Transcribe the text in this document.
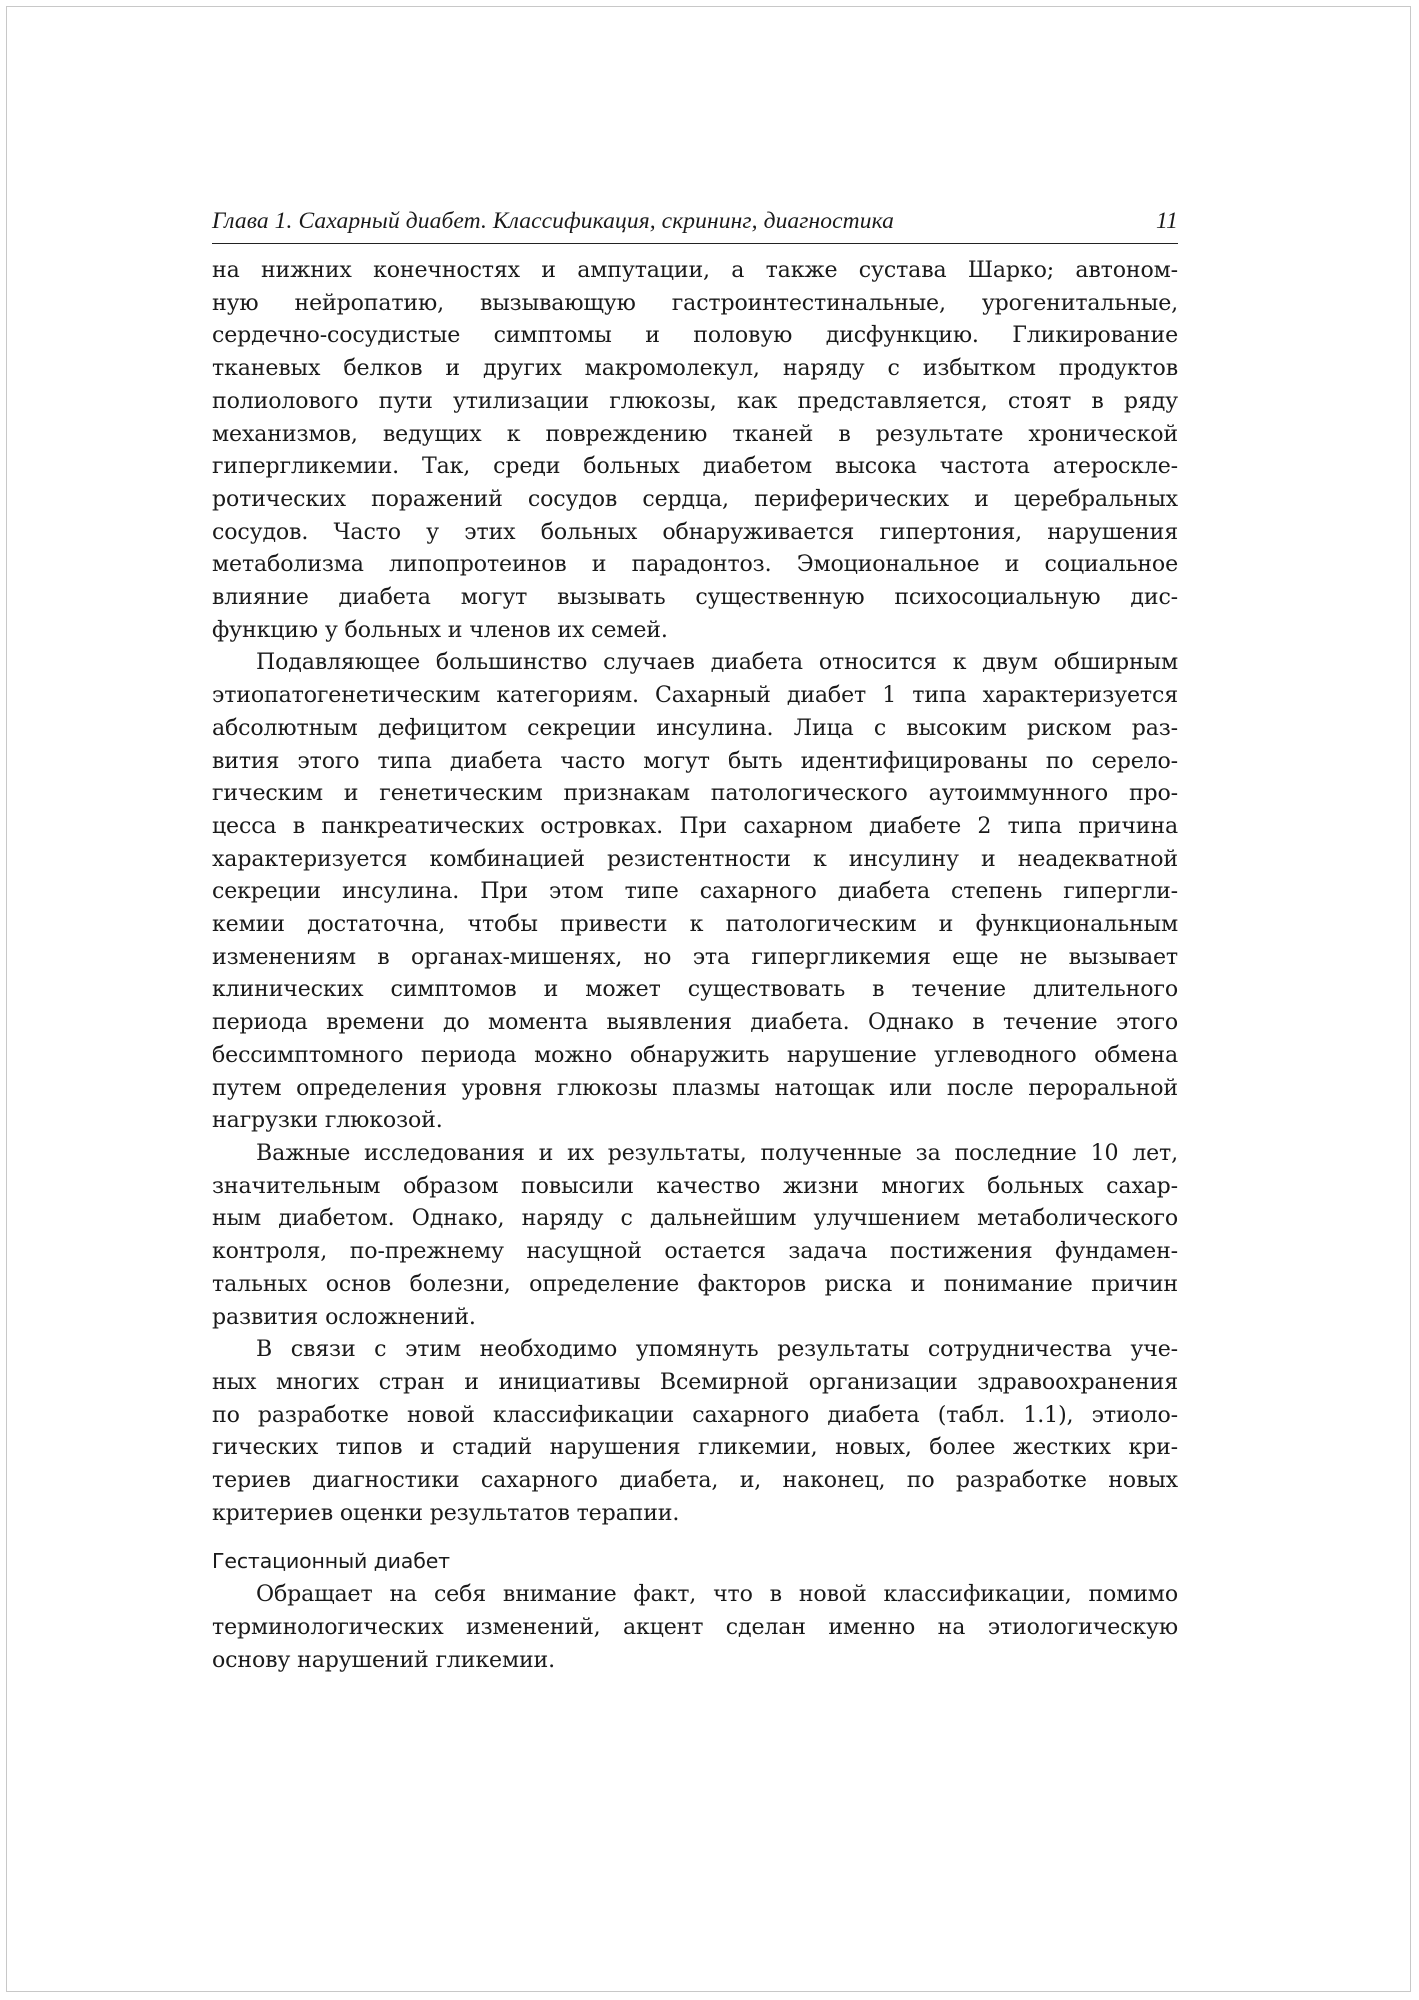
Глава 1. Сахарный диабет. Классификация, скрининг, диагностика	11

на нижних конечностях и ампутации, а также сустава Шарко; автоном-
ную нейропатию, вызывающую гастроинтестинальные, урогенитальные,
сердечно-сосудистые симптомы и половую дисфункцию. Гликирование
тканевых белков и других макромолекул, наряду с избытком продуктов
полиолового пути утилизации глюкозы, как представляется, стоят в ряду
механизмов, ведущих к повреждению тканей в результате хронической
гипергликемии. Так, среди больных диабетом высока частота атероскле-
ротических поражений сосудов сердца, периферических и церебральных
сосудов. Часто у этих больных обнаруживается гипертония, нарушения
метаболизма липопротеинов и парадонтоз. Эмоциональное и социальное
влияние диабета могут вызывать существенную психосоциальную дис-
функцию у больных и членов их семей.

Подавляющее большинство случаев диабета относится к двум обширным
этиопатогенетическим категориям. Сахарный диабет 1 типа характеризуется
абсолютным дефицитом секреции инсулина. Лица с высоким риском раз-
вития этого типа диабета часто могут быть идентифицированы по серело-
гическим и генетическим признакам патологического аутоиммунного про-
цесса в панкреатических островках. При сахарном диабете 2 типа причина
характеризуется комбинацией резистентности к инсулину и неадекватной
секреции инсулина. При этом типе сахарного диабета степень гипергли-
кемии достаточна, чтобы привести к патологическим и функциональным
изменениям в органах-мишенях, но эта гипергликемия еще не вызывает
клинических симптомов и может существовать в течение длительного
периода времени до момента выявления диабета. Однако в течение этого
бессимптомного периода можно обнаружить нарушение углеводного обмена
путем определения уровня глюкозы плазмы натощак или после пероральной
нагрузки глюкозой.

Важные исследования и их результаты, полученные за последние 10 лет,
значительным образом повысили качество жизни многих больных сахар-
ным диабетом. Однако, наряду с дальнейшим улучшением метаболического
контроля, по-прежнему насущной остается задача постижения фундамен-
тальных основ болезни, определение факторов риска и понимание причин
развития осложнений.

В связи с этим необходимо упомянуть результаты сотрудничества уче-
ных многих стран и инициативы Всемирной организации здравоохранения
по разработке новой классификации сахарного диабета (табл. 1.1), этиоло-
гических типов и стадий нарушения гликемии, новых, более жестких кри-
териев диагностики сахарного диабета, и, наконец, по разработке новых
критериев оценки результатов терапии.

Гестационный диабет

Обращает на себя внимание факт, что в новой классификации, помимо
терминологических изменений, акцент сделан именно на этиологическую
основу нарушений гликемии.
